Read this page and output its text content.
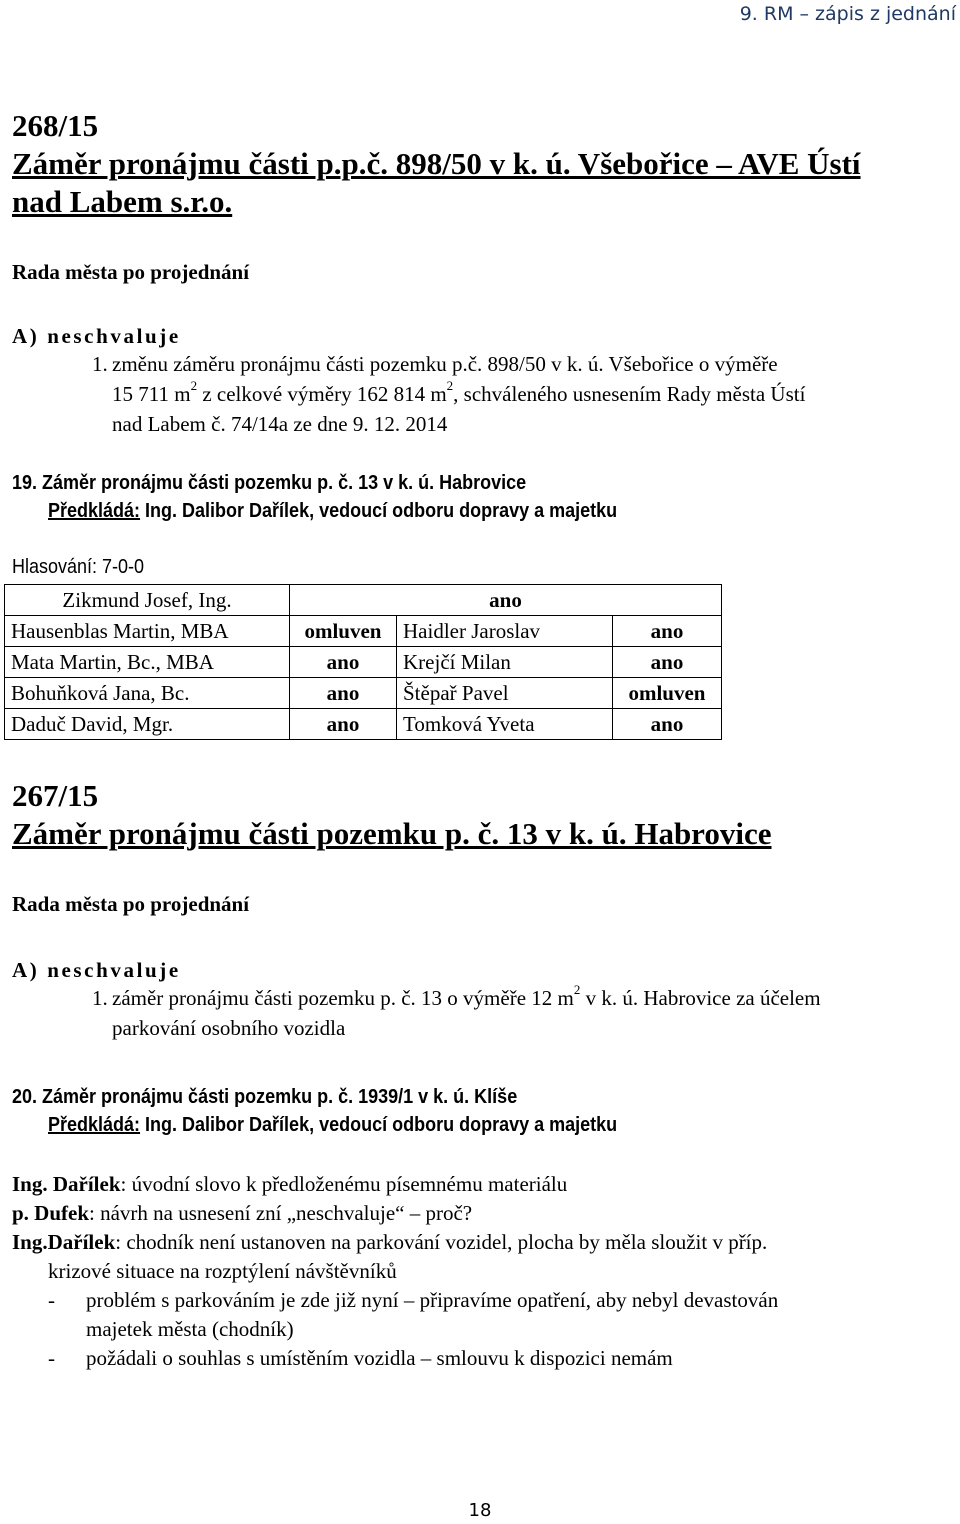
9. RM – zápis z jednání
268/15
Záměr pronájmu části p.p.č. 898/50 v k. ú. Všebořice – AVE Ústí
nad Labem s.r.o.
Rada města po projednání
A) neschvaluje
1. změnu záměru pronájmu části pozemku p.č. 898/50 v k. ú. Všebořice o výměře
15 711 $m^2$ z celkové výměry 162 814 $m^2$, schváleného usnesením Rady města Ústí
nad Labem č. 74/14a ze dne 9. 12. 2014
19. Záměr pronájmu části pozemku p. č. 13 v k. ú. Habrovice
Předkládá: Ing. Dalibor Dařílek, vedoucí odboru dopravy a majetku
Hlasování: 7-0-0
Zikmund Josef, Ing.	ano		
Hausenblas Martin, MBA	omluven	Haidler Jaroslav	ano
Mata Martin, Bc., MBA	ano	Krejčí Milan	ano
Bohuňková Jana, Bc.	ano	Štěpař Pavel	omluven
Daduč David, Mgr.	ano	Tomková Yveta	ano
267/15
Záměr pronájmu části pozemku p. č. 13 v k. ú. Habrovice
Rada města po projednání
A) neschvaluje
1. záměr pronájmu části pozemku p. č. 13 o výměře 12 $m^2$ v k. ú. Habrovice za účelem
parkování osobního vozidla
20. Záměr pronájmu části pozemku p. č. 1939/1 v k. ú. Klíše
Předkládá: Ing. Dalibor Dařílek, vedoucí odboru dopravy a majetku
Ing. Dařílek: úvodní slovo k předloženému písemnému materiálu
p. Dufek: návrh na usnesení zní „neschvaluje“ – proč?
Ing.Dařílek: chodník není ustanoven na parkování vozidel, plocha by měla sloužit v příp.
krizové situace na rozptýlení návštěvníků
- problém s parkováním je zde již nyní – připravíme opatření, aby nebyl devastován
majetek města (chodník)
- požádali o souhlas s umístěním vozidla – smlouvu k dispozici nemám
18
